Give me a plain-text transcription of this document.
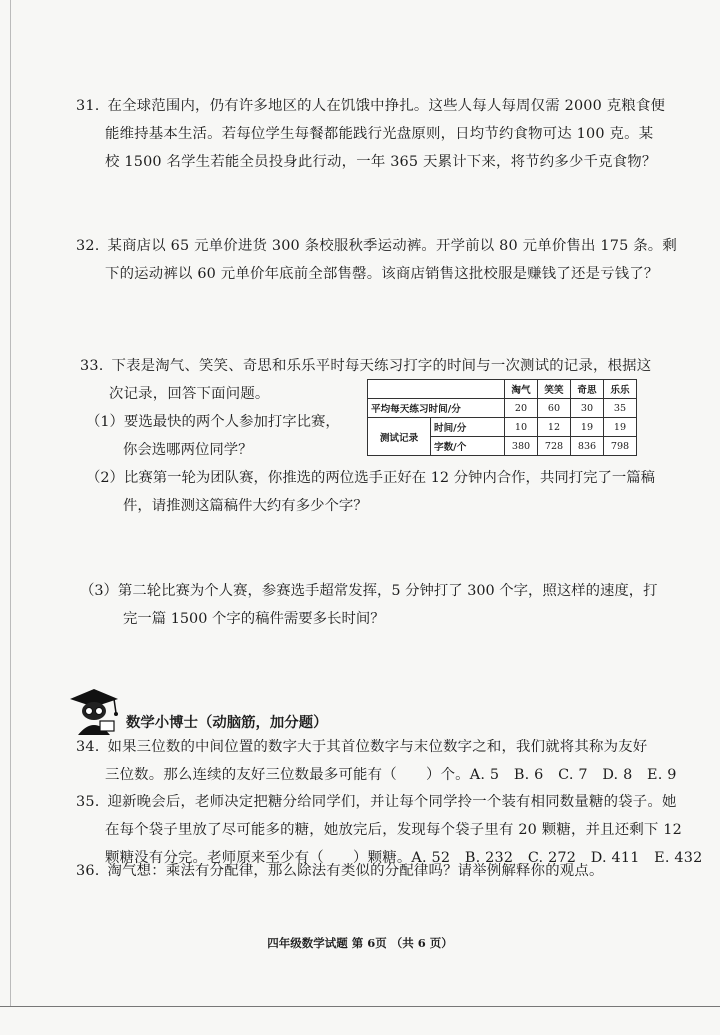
31. 在全球范围内，仍有许多地区的人在饥饿中挣扎。这些人每人每周仅需 2000 克粮食便
能维持基本生活。若每位学生每餐都能践行光盘原则，日均节约食物可达 100 克。某
校 1500 名学生若能全员投身此行动，一年 365 天累计下来，将节约多少千克食物？
32. 某商店以 65 元单价进货 300 条校服秋季运动裤。开学前以 80 元单价售出 175 条。剩
下的运动裤以 60 元单价年底前全部售罄。该商店销售这批校服是赚钱了还是亏钱了？
33. 下表是淘气、笑笑、奇思和乐乐平时每天练习打字的时间与一次测试的记录，根据这
次记录，回答下面问题。
（1）要选最快的两个人参加打字比赛，
你会选哪两位同学？
		淘气	笑笑	奇思	乐乐
平均每天练习时间/分		20	60	30	35
测试记录	时间/分	10	12	19	19
	字数/个	380	728	836	798
（2）比赛第一轮为团队赛，你推选的两位选手正好在 12 分钟内合作，共同打完了一篇稿
件，请推测这篇稿件大约有多少个字？
（3）第二轮比赛为个人赛，参赛选手超常发挥，5 分钟打了 300 个字，照这样的速度，打
完一篇 1500 个字的稿件需要多长时间？
数学小博士（动脑筋，加分题）
34. 如果三位数的中间位置的数字大于其首位数字与末位数字之和，我们就将其称为友好
三位数。那么连续的友好三位数最多可能有（　　）个。A. 5　B. 6　C. 7　D. 8　E. 9
35. 迎新晚会后，老师决定把糖分给同学们，并让每个同学拎一个装有相同数量糖的袋子。她
在每个袋子里放了尽可能多的糖，她放完后，发现每个袋子里有 20 颗糖，并且还剩下 12
颗糖没有分完。老师原来至少有（　　）颗糖。A. 52　B. 232　C. 272　D. 411　E. 432
36. 淘气想：乘法有分配律，那么除法有类似的分配律吗？请举例解释你的观点。
四年级数学试题 第 6页 （共 6 页）
